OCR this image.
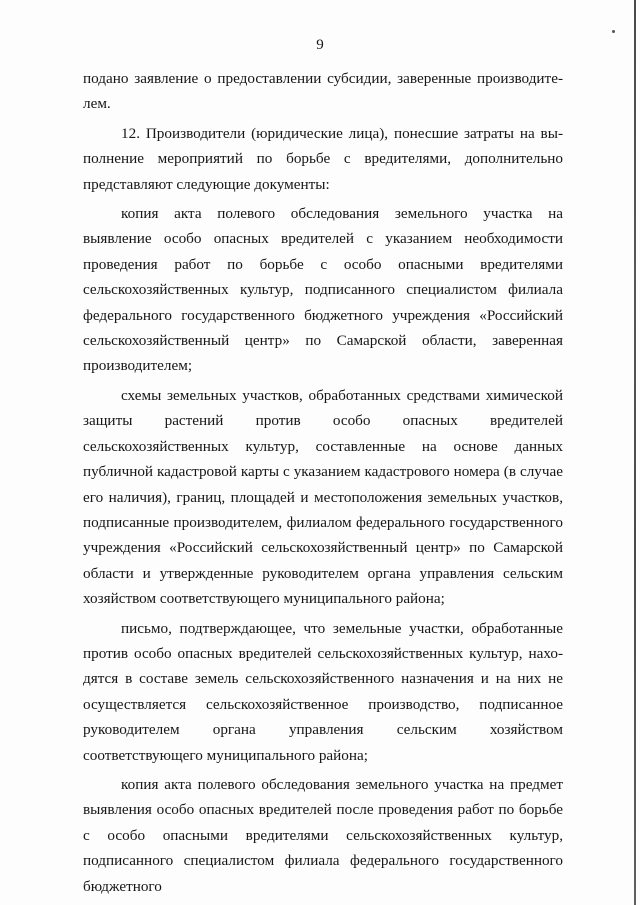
9

подано заявление о предоставлении субсидии, заверенные производителем.

12. Производители (юридические лица), понесшие затраты на выполнение мероприятий по борьбе с вредителями, дополнительно представляют следующие документы:

копия акта полевого обследования земельного участка на выявление особо опасных вредителей с указанием необходимости проведения работ по борьбе с особо опасными вредителями сельскохозяйственных культур, подписанного специалистом филиала федерального государственного бюджетного учреждения «Российский сельскохозяйственный центр» по Самарской области, заверенная производителем;

схемы земельных участков, обработанных средствами химической защиты растений против особо опасных вредителей сельскохозяйственных культур, составленные на основе данных публичной кадастровой карты с указанием кадастрового номера (в случае его наличия), границ, площадей и местоположения земельных участков, подписанные производителем, филиалом федерального государственного учреждения «Российский сельскохозяйственный центр» по Самарской области и утвержденные руководителем органа управления сельским хозяйством соответствующего муниципального района;

письмо, подтверждающее, что земельные участки, обработанные против особо опасных вредителей сельскохозяйственных культур, находятся в составе земель сельскохозяйственного назначения и на них не осуществляется сельскохозяйственное производство, подписанное руководителем органа управления сельским хозяйством соответствующего муниципального района;

копия акта полевого обследования земельного участка на предмет выявления особо опасных вредителей после проведения работ по борьбе с особо опасными вредителями сельскохозяйственных культур, подписанного специалистом филиала федерального государственного бюджетного
